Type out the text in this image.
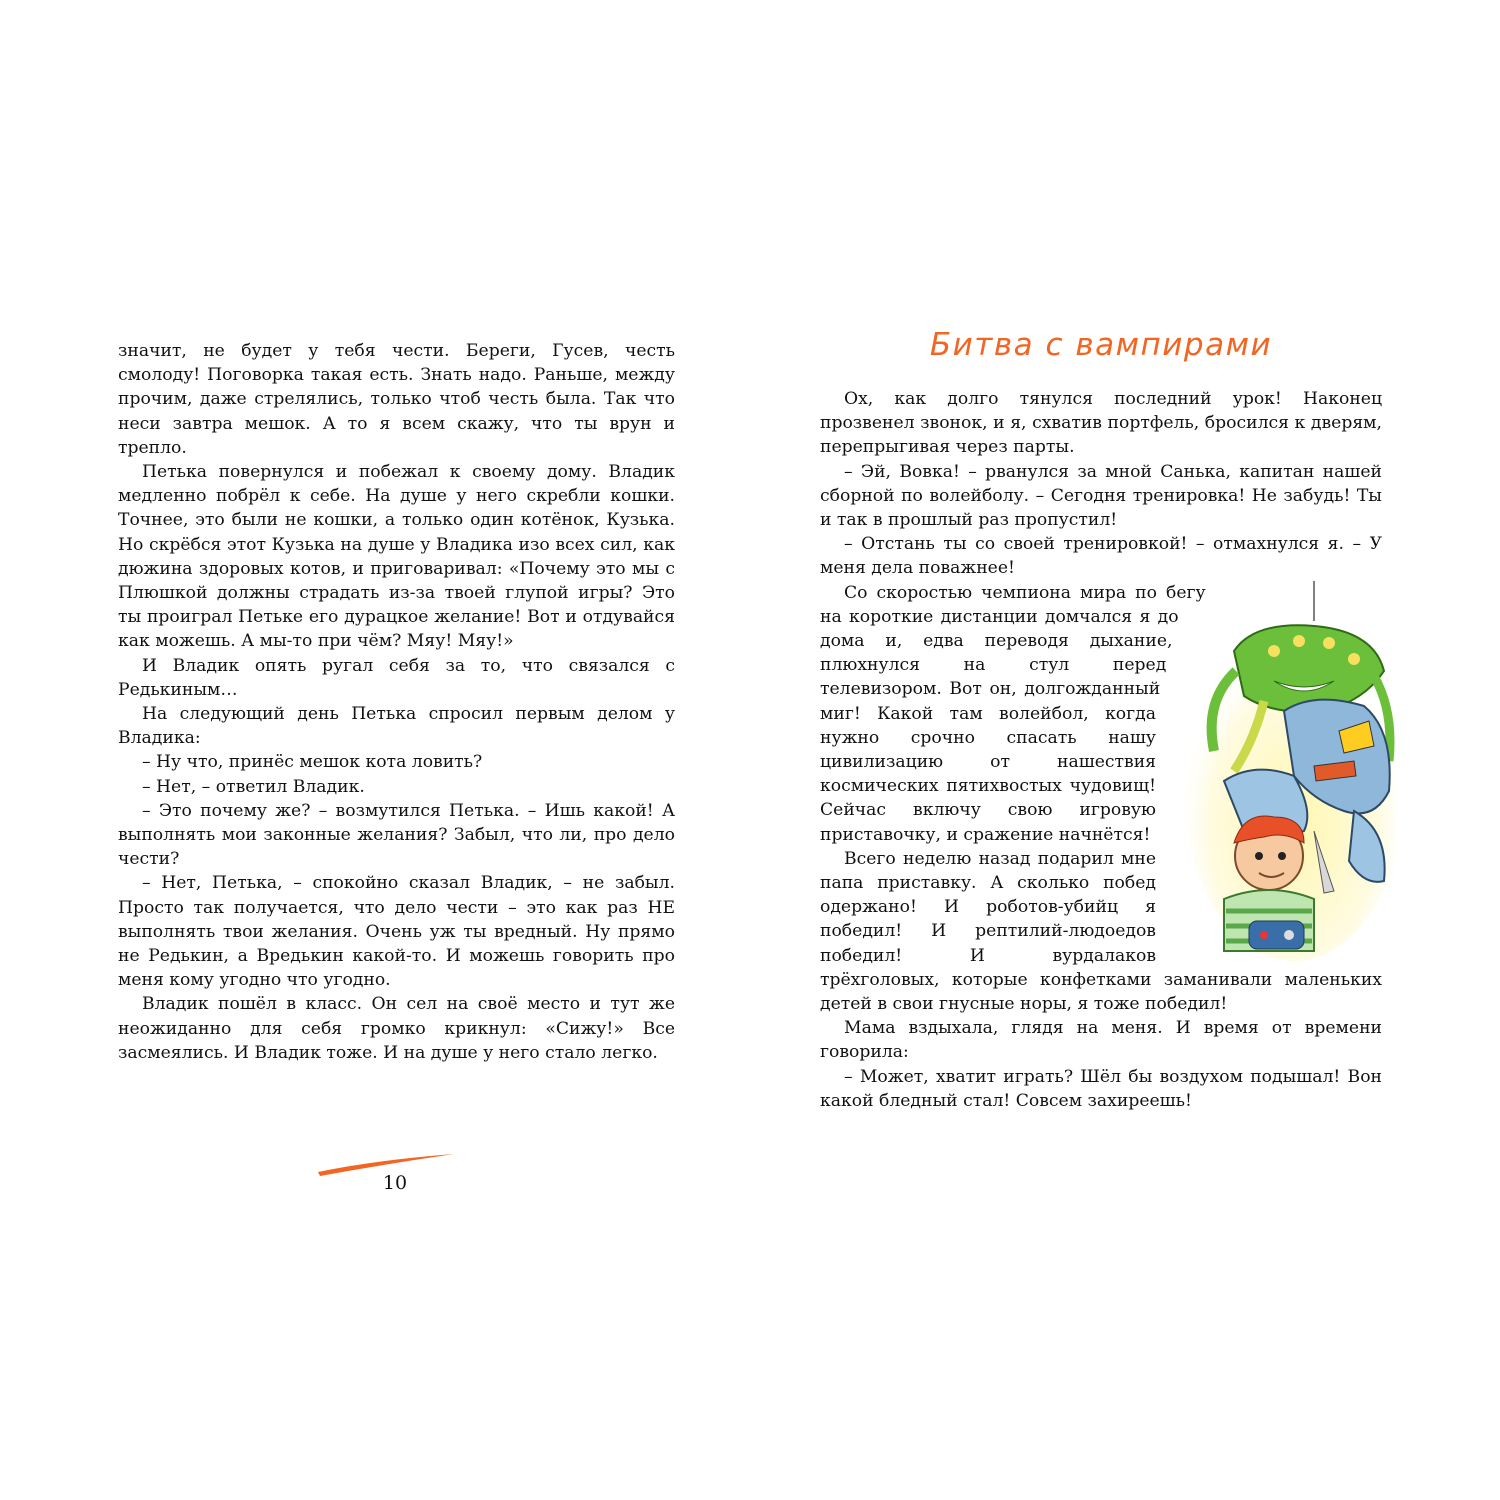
значит, не будет у тебя чести. Береги, Гусев, честь смолоду! Поговорка такая есть. Знать надо. Раньше, между прочим, даже стрелялись, только чтоб честь была. Так что неси завтра мешок. А то я всем скажу, что ты врун и трепло.

Петька повернулся и побежал к своему дому. Владик медленно побрёл к себе. На душе у него скребли кошки. Точнее, это были не кошки, а только один котёнок, Кузька. Но скрёбся этот Кузька на душе у Владика изо всех сил, как дюжина здоровых котов, и приговаривал: «Почему это мы с Плюшкой должны страдать из-за твоей глупой игры? Это ты проиграл Петьке его дурацкое желание! Вот и отдувайся как можешь. А мы-то при чём? Мяу! Мяу!»

И Владик опять ругал себя за то, что связался с Редькиным…

На следующий день Петька спросил первым делом у Владика:

– Ну что, принёс мешок кота ловить?

– Нет, – ответил Владик.

– Это почему же? – возмутился Петька. – Ишь какой! А выполнять мои законные желания? Забыл, что ли, про дело чести?

– Нет, Петька, – спокойно сказал Владик, – не забыл. Просто так получается, что дело чести – это как раз НЕ выполнять твои желания. Очень уж ты вредный. Ну прямо не Редькин, а Вредькин какой-то. И можешь говорить про меня кому угодно что угодно.

Владик пошёл в класс. Он сел на своё место и тут же неожиданно для себя громко крикнул: «Сижу!» Все засмеялись. И Владик тоже. И на душе у него стало легко.

10
Битва с вампирами

Ох, как долго тянулся последний урок! Наконец прозвенел звонок, и я, схватив портфель, бросился к дверям, перепрыгивая через парты.

– Эй, Вовка! – рванулся за мной Санька, капитан нашей сборной по волейболу. – Сегодня тренировка! Не забудь! Ты и так в прошлый раз пропустил!

– Отстань ты со своей тренировкой! – отмахнулся я. – У меня дела поважнее!

Со скоростью чемпиона мира по бегу на короткие дистанции домчался я до дома и, едва переводя дыхание, плюхнулся на стул перед телевизором. Вот он, долгожданный миг! Какой там волейбол, когда нужно срочно спасать нашу цивилизацию от нашествия космических пятихвостых чудовищ! Сейчас включу свою игровую приставочку, и сражение начнётся!

Всего неделю назад подарил мне папа приставку. А сколько побед одержано! И роботов-убийц я победил! И рептилий-людоедов победил! И вурдалаков трёхголовых, которые конфетками заманивали маленьких детей в свои гнусные норы, я тоже победил!

Мама вздыхала, глядя на меня. И время от времени говорила:

– Может, хватит играть? Шёл бы воздухом подышал! Вон какой бледный стал! Совсем захиреешь!
